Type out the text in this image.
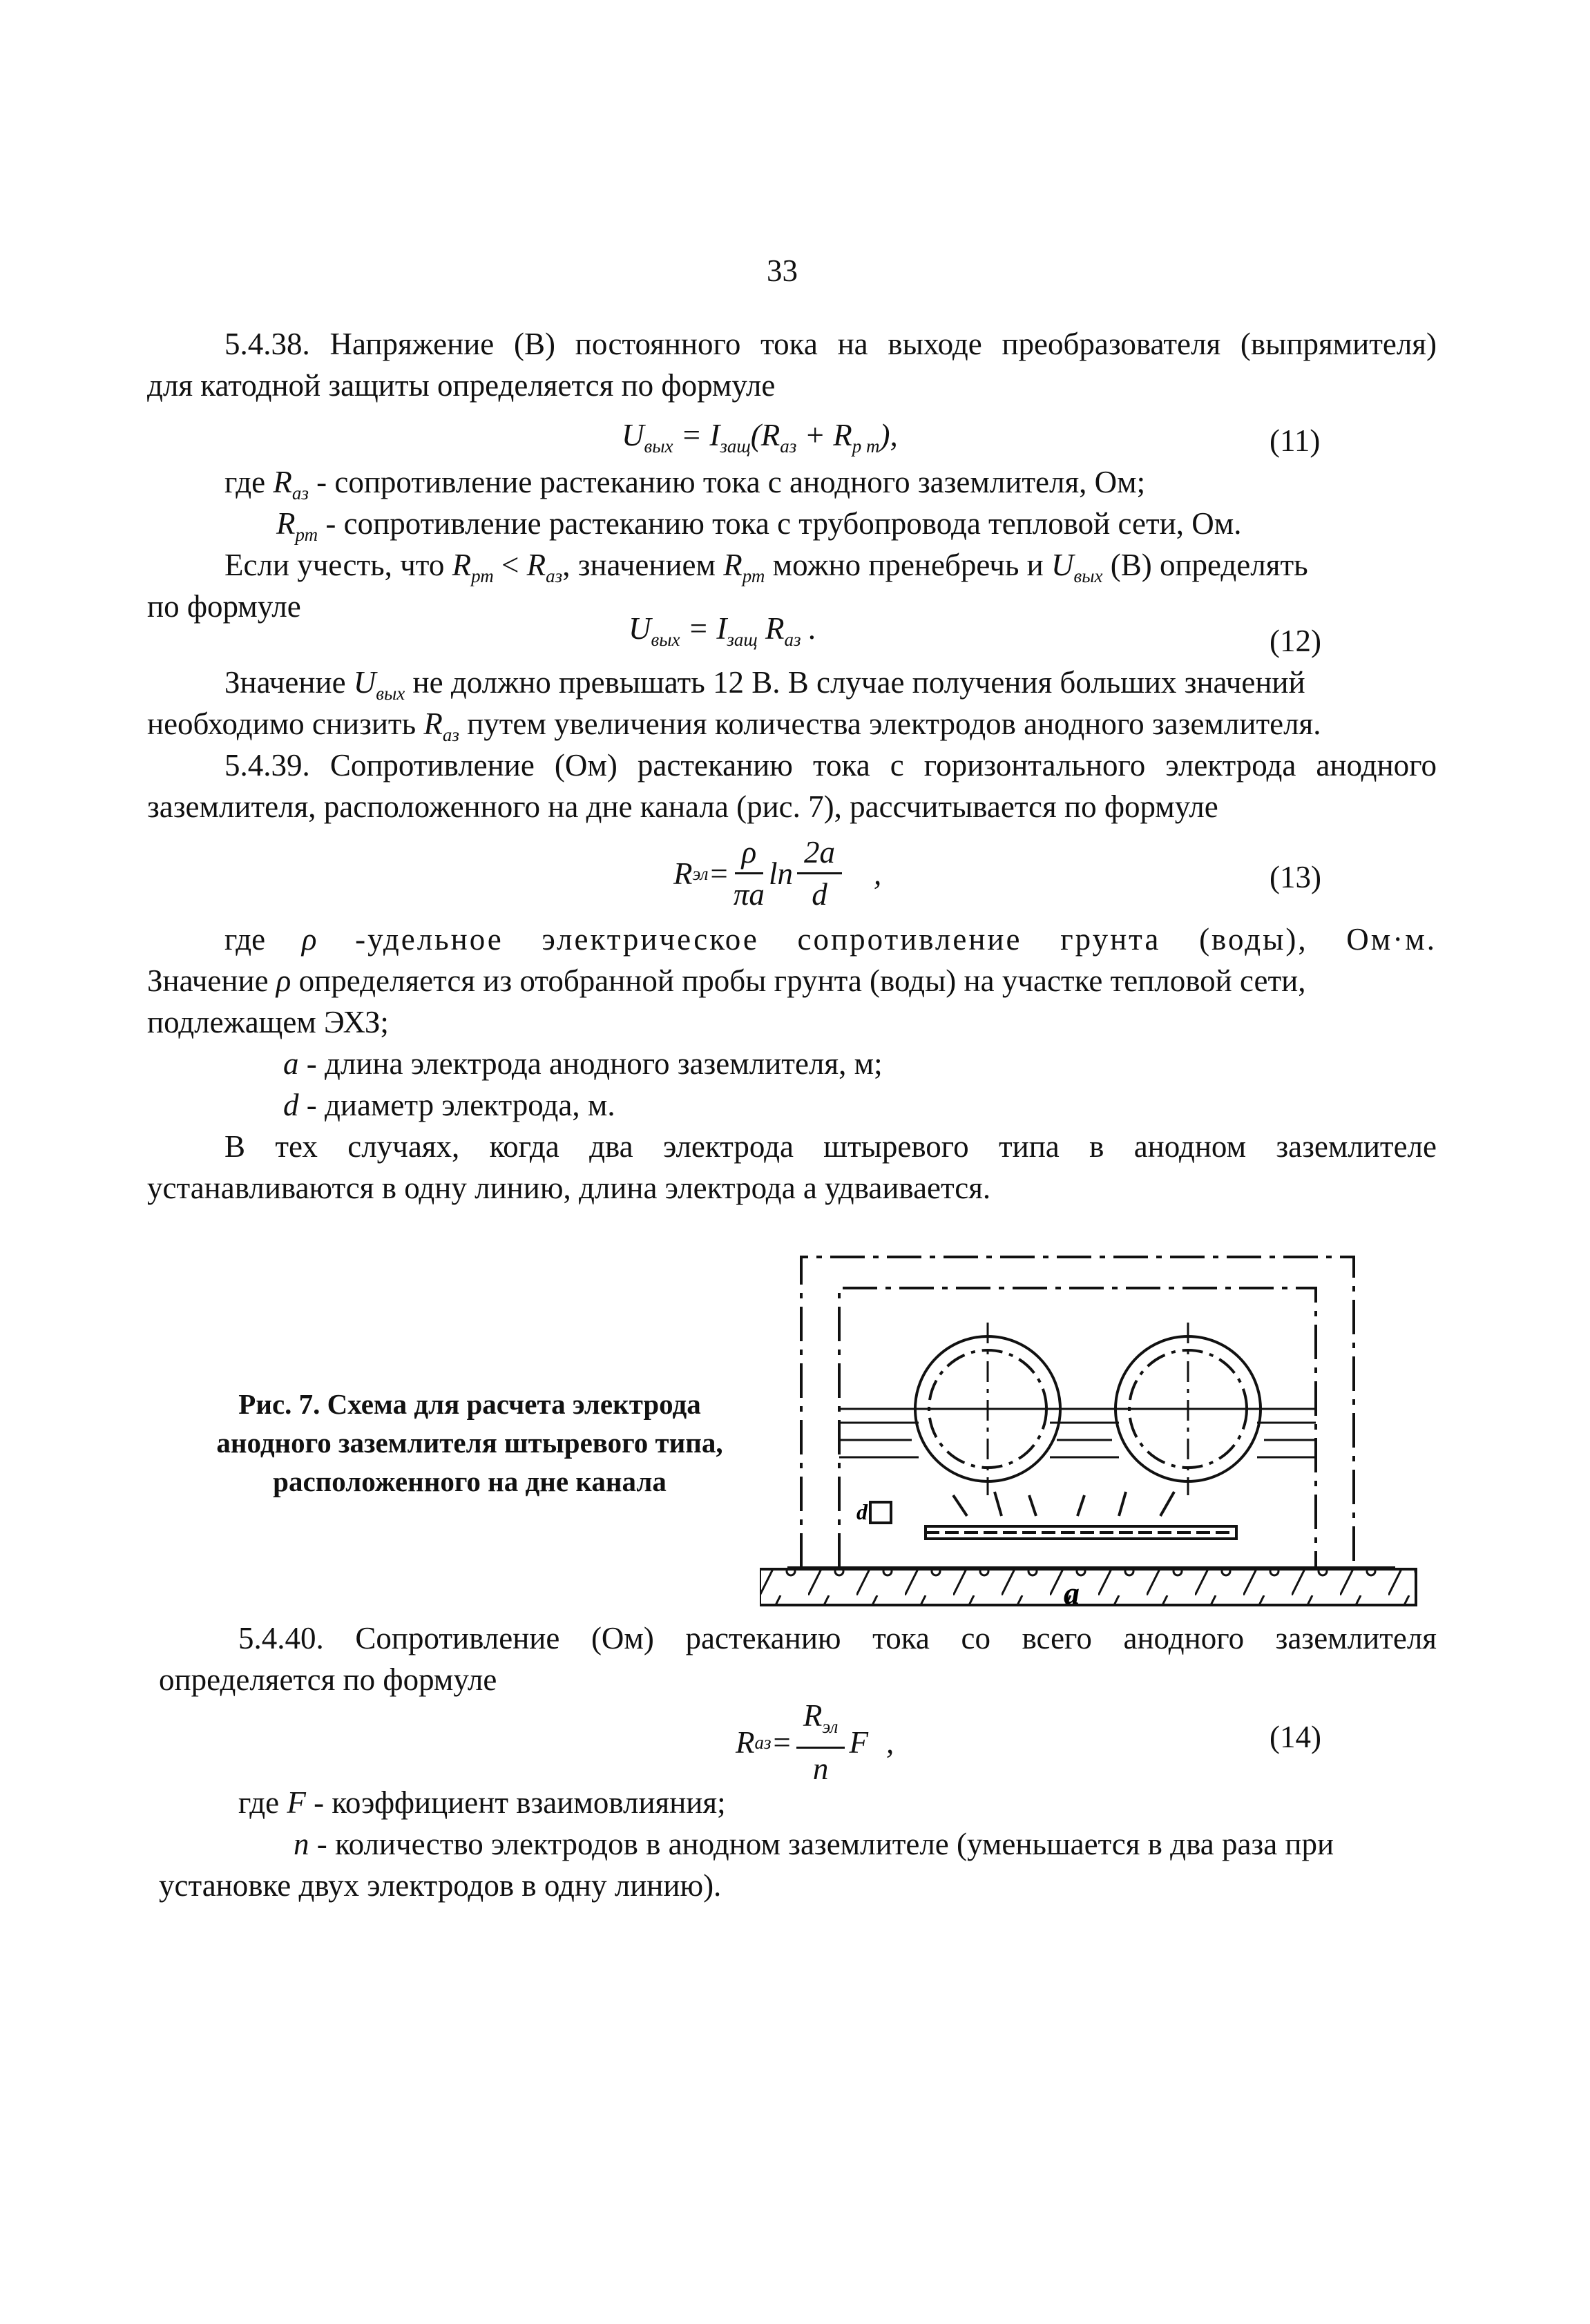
33
5.4.38. Напряжение (В) постоянного тока на выходе преобразователя (выпрямителя)
для катодной защиты определяется по формуле
$U_{вых} = I_{защ}(R_{аз} + R_{р т})$,	(11)
где $R_{аз}$ - сопротивление растеканию тока с анодного заземлителя, Ом;
$R_{рт}$ - сопротивление растеканию тока с трубопровода тепловой сети, Ом.
Если учесть, что $R_{рт} < R_{аз}$, значением $R_{рт}$ можно пренебречь и $U_{вых}$ (В) определять
по формуле
$U_{вых} = I_{защ}$ $R_{аз}$ .	(12)
Значение $U_{вых}$ не должно превышать 12 В. В случае получения больших значений
необходимо снизить $R_{аз}$ путем увеличения количества электродов анодного заземлителя.
5.4.39. Сопротивление (Ом) растеканию тока с горизонтального электрода анодного
заземлителя, расположенного на дне канала (рис. 7), рассчитывается по формуле
R эл = $\frac{\rho}{\pi a}$ $\ln \frac{2a}{d}$ ,	(13)
где ρ -удельное электрическое сопротивление грунта (воды), Ом·м.
Значение ρ определяется из отобранной пробы грунта (воды) на участке тепловой сети,
подлежащем ЭХЗ;
a - длина электрода анодного заземлителя, м;
d - диаметр электрода, м.
В тех случаях, когда два электрода штыревого типа в анодном заземлителе
устанавливаются в одну линию, длина электрода а удваивается.
Рис. 7. Схема для расчета электрода
анодного заземлителя штыревого типа,
расположенного на дне канала
a
d
5.4.40. Сопротивление (Ом) растеканию тока со всего анодного заземлителя
определяется по формуле
R аз = $\frac{R_{эл}}{n}$ F ,	(14)
где F - коэффициент взаимовлияния;
n - количество электродов в анодном заземлителе (уменьшается в два раза при
установке двух электродов в одну линию).
